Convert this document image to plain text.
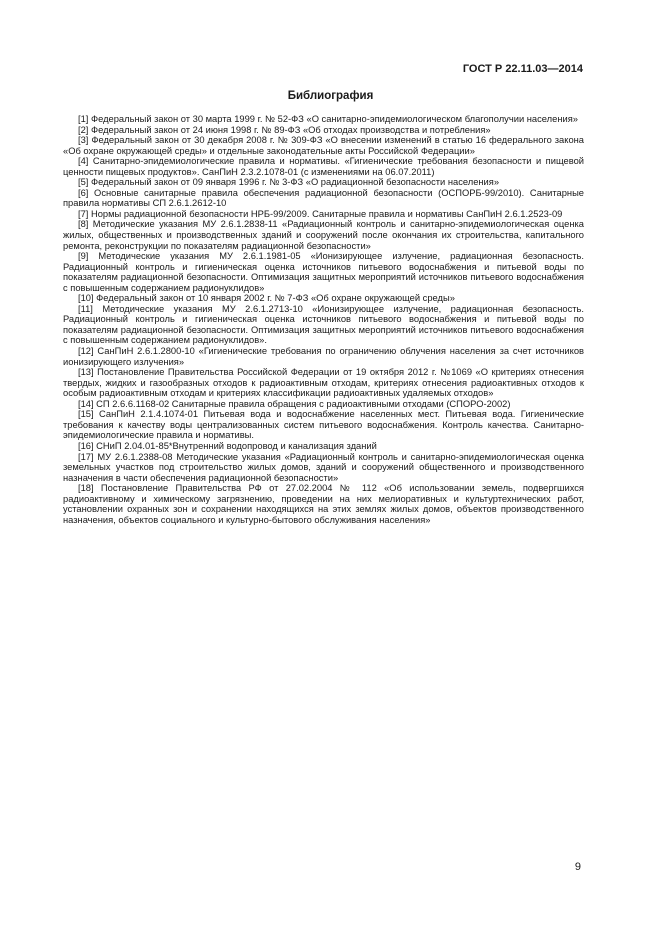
ГОСТ Р 22.11.03—2014
Библиография

[1] Федеральный закон от 30 марта 1999 г. № 52-ФЗ «О санитарно-эпидемиологическом благополучии населения»

[2] Федеральный закон от 24 июня 1998 г. № 89-ФЗ «Об отходах производства и потребления»

[3] Федеральный закон от 30 декабря 2008 г. № 309-ФЗ «О внесении изменений в статью 16 федерального закона «Об охране окружающей среды» и отдельные законодательные акты Российской Федерации»

[4] Санитарно-эпидемиологические правила и нормативы. «Гигиенические требования безопасности и пищевой ценности пищевых продуктов». СанПиН 2.3.2.1078-01 (с изменениями на 06.07.2011)

[5] Федеральный закон от 09 января 1996 г. № 3-ФЗ «О радиационной безопасности населения»

[6] Основные санитарные правила обеспечения радиационной безопасности (ОСПОРБ-99/2010). Санитарные правила нормативы СП 2.6.1.2612-10

[7] Нормы радиационной безопасности НРБ-99/2009. Санитарные правила и нормативы СанПиН 2.6.1.2523-09

[8] Методические указания МУ 2.6.1.2838-11 «Радиационный контроль и санитарно-эпидемиологическая оценка жилых, общественных и производственных зданий и сооружений после окончания их строительства, капитального ремонта, реконструкции по показателям радиационной безопасности»

[9] Методические указания МУ 2.6.1.1981-05 «Ионизирующее излучение, радиационная безопасность. Радиационный контроль и гигиеническая оценка источников питьевого водоснабжения и питьевой воды по показателям радиационной безопасности. Оптимизация защитных мероприятий источников питьевого водоснабжения с повышенным содержанием радионуклидов»

[10] Федеральный закон от 10 января 2002 г. № 7-ФЗ «Об охране окружающей среды»

[11] Методические указания МУ 2.6.1.2713-10 «Ионизирующее излучение, радиационная безопасность. Радиационный контроль и гигиеническая оценка источников питьевого водоснабжения и питьевой воды по показателям радиационной безопасности. Оптимизация защитных мероприятий источников питьевого водоснабжения с повышенным содержанием радионуклидов».

[12] СанПиН 2.6.1.2800-10 «Гигиенические требования по ограничению облучения населения за счет источников ионизирующего излучения»

[13] Постановление Правительства Российской Федерации от 19 октября 2012 г. №1069 «О критериях отнесения твердых, жидких и газообразных отходов к радиоактивным отходам, критериях отнесения радиоактивных отходов к особым радиоактивным отходам и критериях классификации радиоактивных удаляемых отходов»

[14] СП 2.6.6.1168-02 Санитарные правила обращения с радиоактивными отходами (СПОРО-2002)

[15] СанПиН 2.1.4.1074-01 Питьевая вода и водоснабжение населенных мест. Питьевая вода. Гигиенические требования к качеству воды централизованных систем питьевого водоснабжения. Контроль качества. Санитарно-эпидемиологические правила и нормативы.

[16] СНиП 2.04.01-85*Внутренний водопровод и канализация зданий

[17] МУ 2.6.1.2388-08 Методические указания «Радиационный контроль и санитарно-эпидемиологическая оценка земельных участков под строительство жилых домов, зданий и сооружений общественного и производственного назначения в части обеспечения радиационной безопасности»

[18] Постановление Правительства РФ от 27.02.2004 № 112 «Об использовании земель, подвергшихся радиоактивному и химическому загрязнению, проведении на них мелиоративных и культуртехнических работ, установлении охранных зон и сохранении находящихся на этих землях жилых домов, объектов производственного назначения, объектов социального и культурно-бытового обслуживания населения»

9
